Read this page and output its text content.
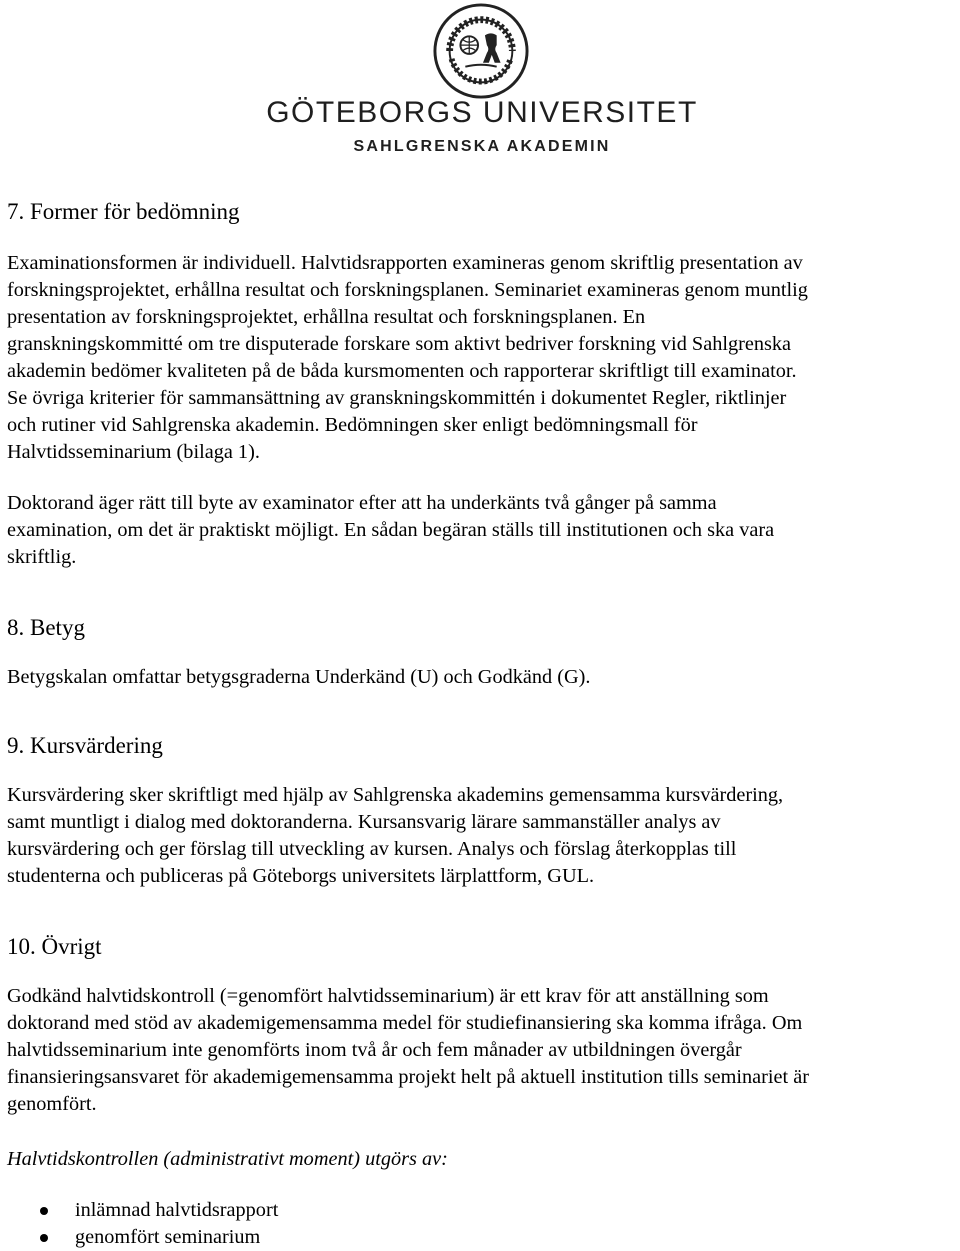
GÖTEBORGS UNIVERSITET
SAHLGRENSKA AKADEMIN
7. Former för bedömning
Examinationsformen är individuell. Halvtidsrapporten examineras genom skriftlig presentation av
forskningsprojektet, erhållna resultat och forskningsplanen. Seminariet examineras genom muntlig
presentation av forskningsprojektet, erhållna resultat och forskningsplanen. En
granskningskommitté om tre disputerade forskare som aktivt bedriver forskning vid Sahlgrenska
akademin bedömer kvaliteten på de båda kursmomenten och rapporterar skriftligt till examinator.
Se övriga kriterier för sammansättning av granskningskommittén i dokumentet Regler, riktlinjer
och rutiner vid Sahlgrenska akademin. Bedömningen sker enligt bedömningsmall för
Halvtidsseminarium (bilaga 1).
Doktorand äger rätt till byte av examinator efter att ha underkänts två gånger på samma
examination, om det är praktiskt möjligt. En sådan begäran ställs till institutionen och ska vara
skriftlig.
8. Betyg
Betygskalan omfattar betygsgraderna Underkänd (U) och Godkänd (G).
9. Kursvärdering
Kursvärdering sker skriftligt med hjälp av Sahlgrenska akademins gemensamma kursvärdering,
samt muntligt i dialog med doktoranderna. Kursansvarig lärare sammanställer analys av
kursvärdering och ger förslag till utveckling av kursen. Analys och förslag återkopplas till
studenterna och publiceras på Göteborgs universitets lärplattform, GUL.
10. Övrigt
Godkänd halvtidskontroll (=genomfört halvtidsseminarium) är ett krav för att anställning som
doktorand med stöd av akademigemensamma medel för studiefinansiering ska komma ifråga. Om
halvtidsseminarium inte genomförts inom två år och fem månader av utbildningen övergår
finansieringsansvaret för akademigemensamma projekt helt på aktuell institution tills seminariet är
genomfört.
Halvtidskontrollen (administrativt moment) utgörs av:
inlämnad halvtidsrapport
genomfört seminarium
